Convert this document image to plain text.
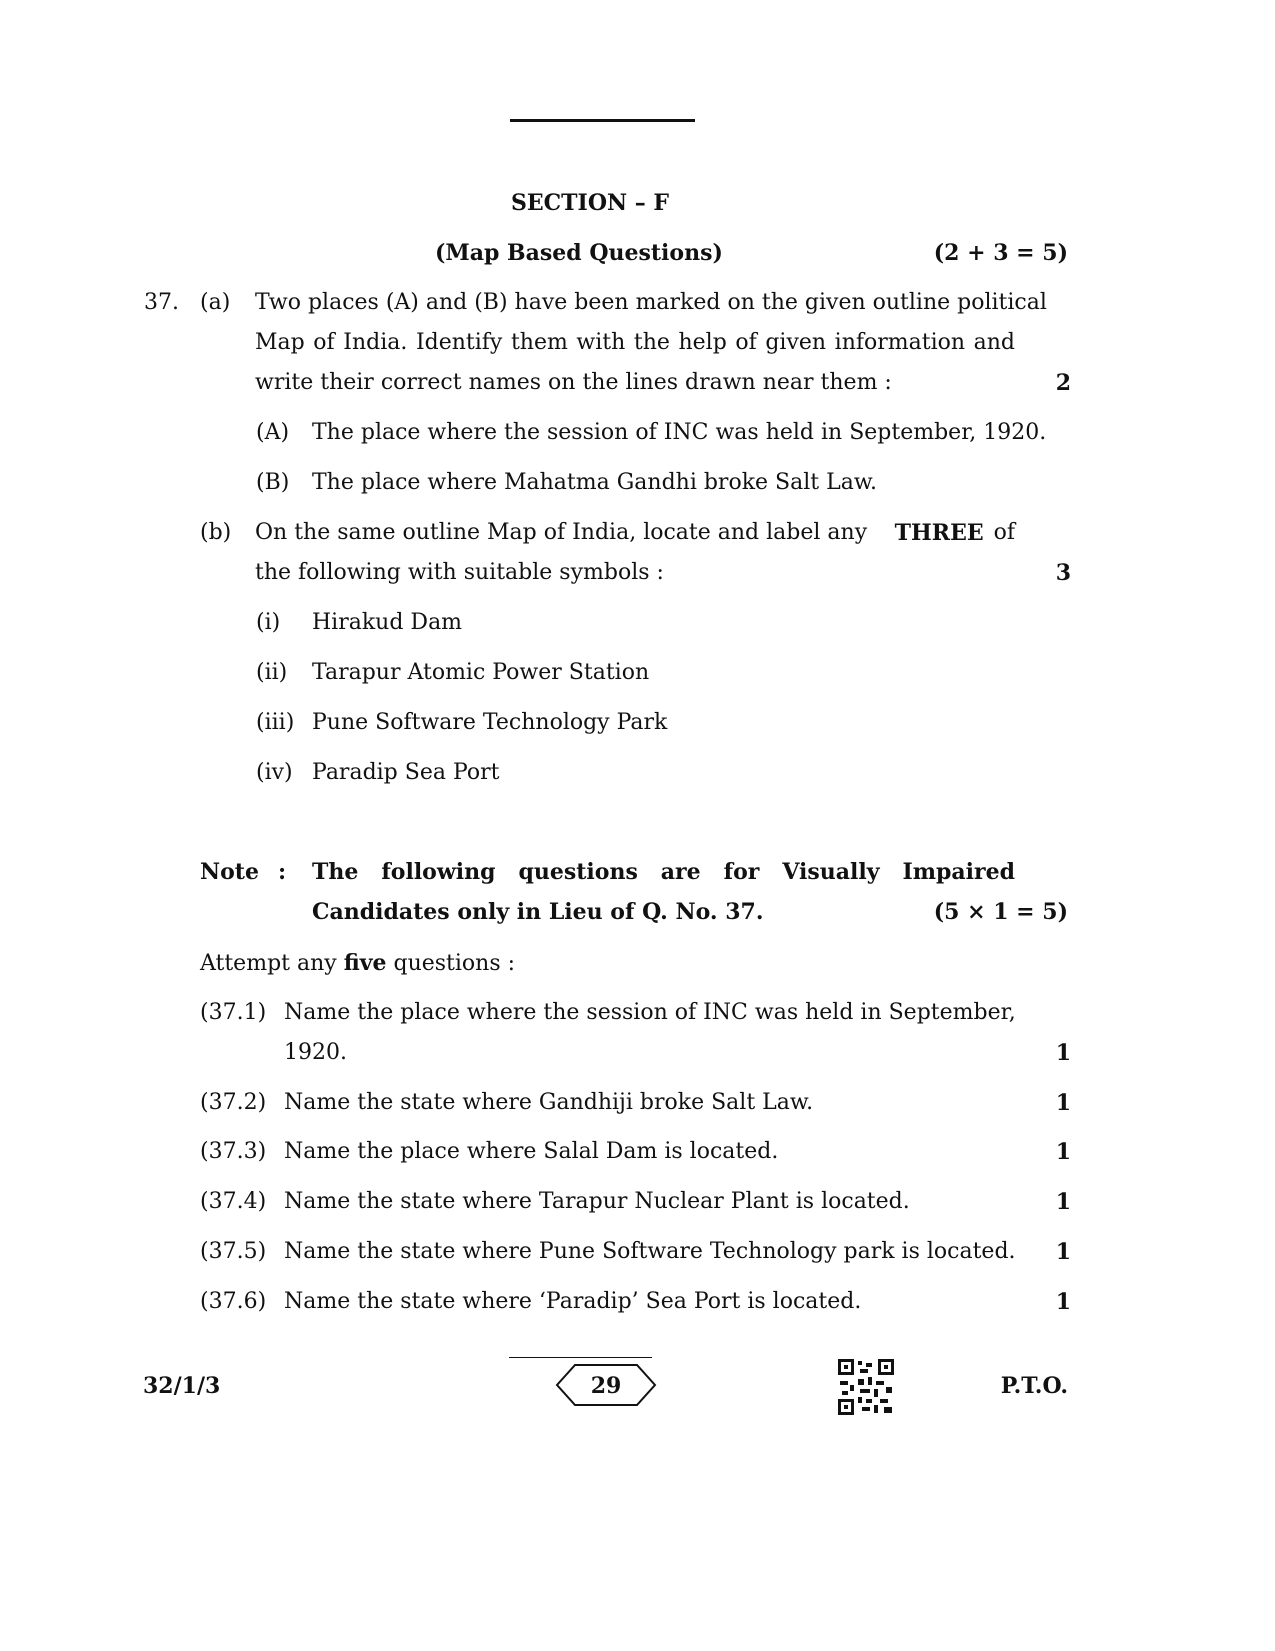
SECTION – F
(Map Based Questions)	(2 + 3 = 5)
37. (a) Two places (A) and (B) have been marked on the given outline political
Map of India. Identify them with the help of given information and
write their correct names on the lines drawn near them :	2
(A) The place where the session of INC was held in September, 1920.
(B) The place where Mahatma Gandhi broke Salt Law.
(b) On the same outline Map of India, locate and label any	THREE of
the following with suitable symbols :	3
(i) Hirakud Dam
(ii) Tarapur Atomic Power Station
(iii) Pune Software Technology Park
(iv) Paradip Sea Port
Note : The following questions are for Visually Impaired
Candidates only in Lieu of Q. No. 37.	(5 × 1 = 5)
Attempt any five questions :
(37.1) Name the place where the session of INC was held in September,
1920.	1
(37.2) Name the state where Gandhiji broke Salt Law.	1
(37.3) Name the place where Salal Dam is located.	1
(37.4) Name the state where Tarapur Nuclear Plant is located.	1
(37.5) Name the state where Pune Software Technology park is located. 1
(37.6) Name the state where ‘Paradip’ Sea Port is located.	1
32/1/3	29	P.T.O.
